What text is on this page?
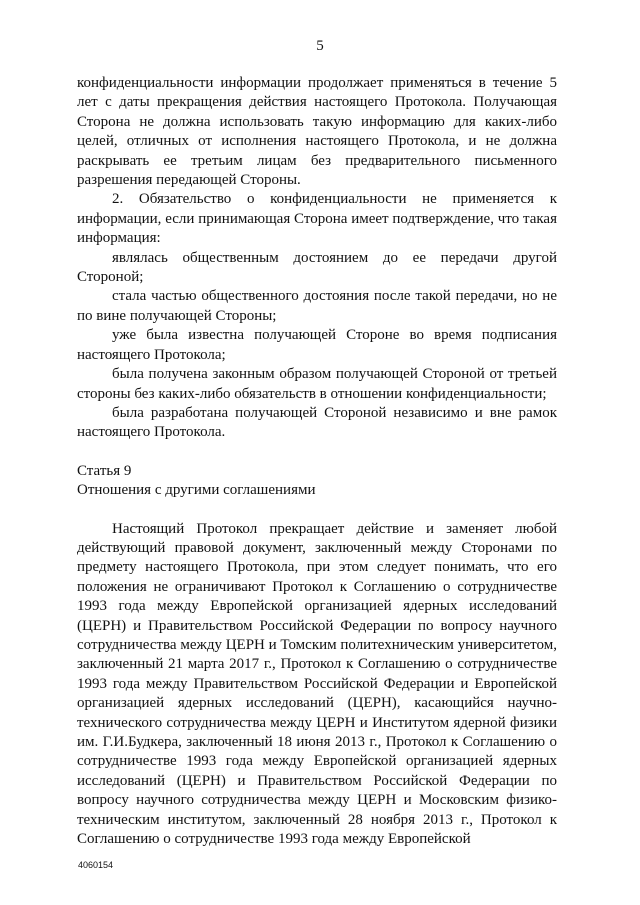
5

конфиденциальности информации продолжает применяться в течение 5 лет с даты прекращения действия настоящего Протокола. Получающая Сторона не должна использовать такую информацию для каких-либо целей, отличных от исполнения настоящего Протокола, и не должна раскрывать ее третьим лицам без предварительного письменного разрешения передающей Стороны.

2. Обязательство о конфиденциальности не применяется к информации, если принимающая Сторона имеет подтверждение, что такая информация:

являлась общественным достоянием до ее передачи другой Стороной;

стала частью общественного достояния после такой передачи, но не по вине получающей Стороны;

уже была известна получающей Стороне во время подписания настоящего Протокола;

была получена законным образом получающей Стороной от третьей стороны без каких-либо обязательств в отношении конфиденциальности;

была разработана получающей Стороной независимо и вне рамок настоящего Протокола.

Статья 9

Отношения с другими соглашениями

Настоящий Протокол прекращает действие и заменяет любой действующий правовой документ, заключенный между Сторонами по предмету настоящего Протокола, при этом следует понимать, что его положения не ограничивают Протокол к Соглашению о сотрудничестве 1993 года между Европейской организацией ядерных исследований (ЦЕРН) и Правительством Российской Федерации по вопросу научного сотрудничества между ЦЕРН и Томским политехническим университетом, заключенный 21 марта 2017 г., Протокол к Соглашению о сотрудничестве 1993 года между Правительством Российской Федерации и Европейской организацией ядерных исследований (ЦЕРН), касающийся научно-технического сотрудничества между ЦЕРН и Институтом ядерной физики им. Г.И.Будкера, заключенный 18 июня 2013 г., Протокол к Соглашению о сотрудничестве 1993 года между Европейской организацией ядерных исследований (ЦЕРН) и Правительством Российской Федерации по вопросу научного сотрудничества между ЦЕРН и Московским физико-техническим институтом, заключенный 28 ноября 2013 г., Протокол к Соглашению о сотрудничестве 1993 года между Европейской

4060154
